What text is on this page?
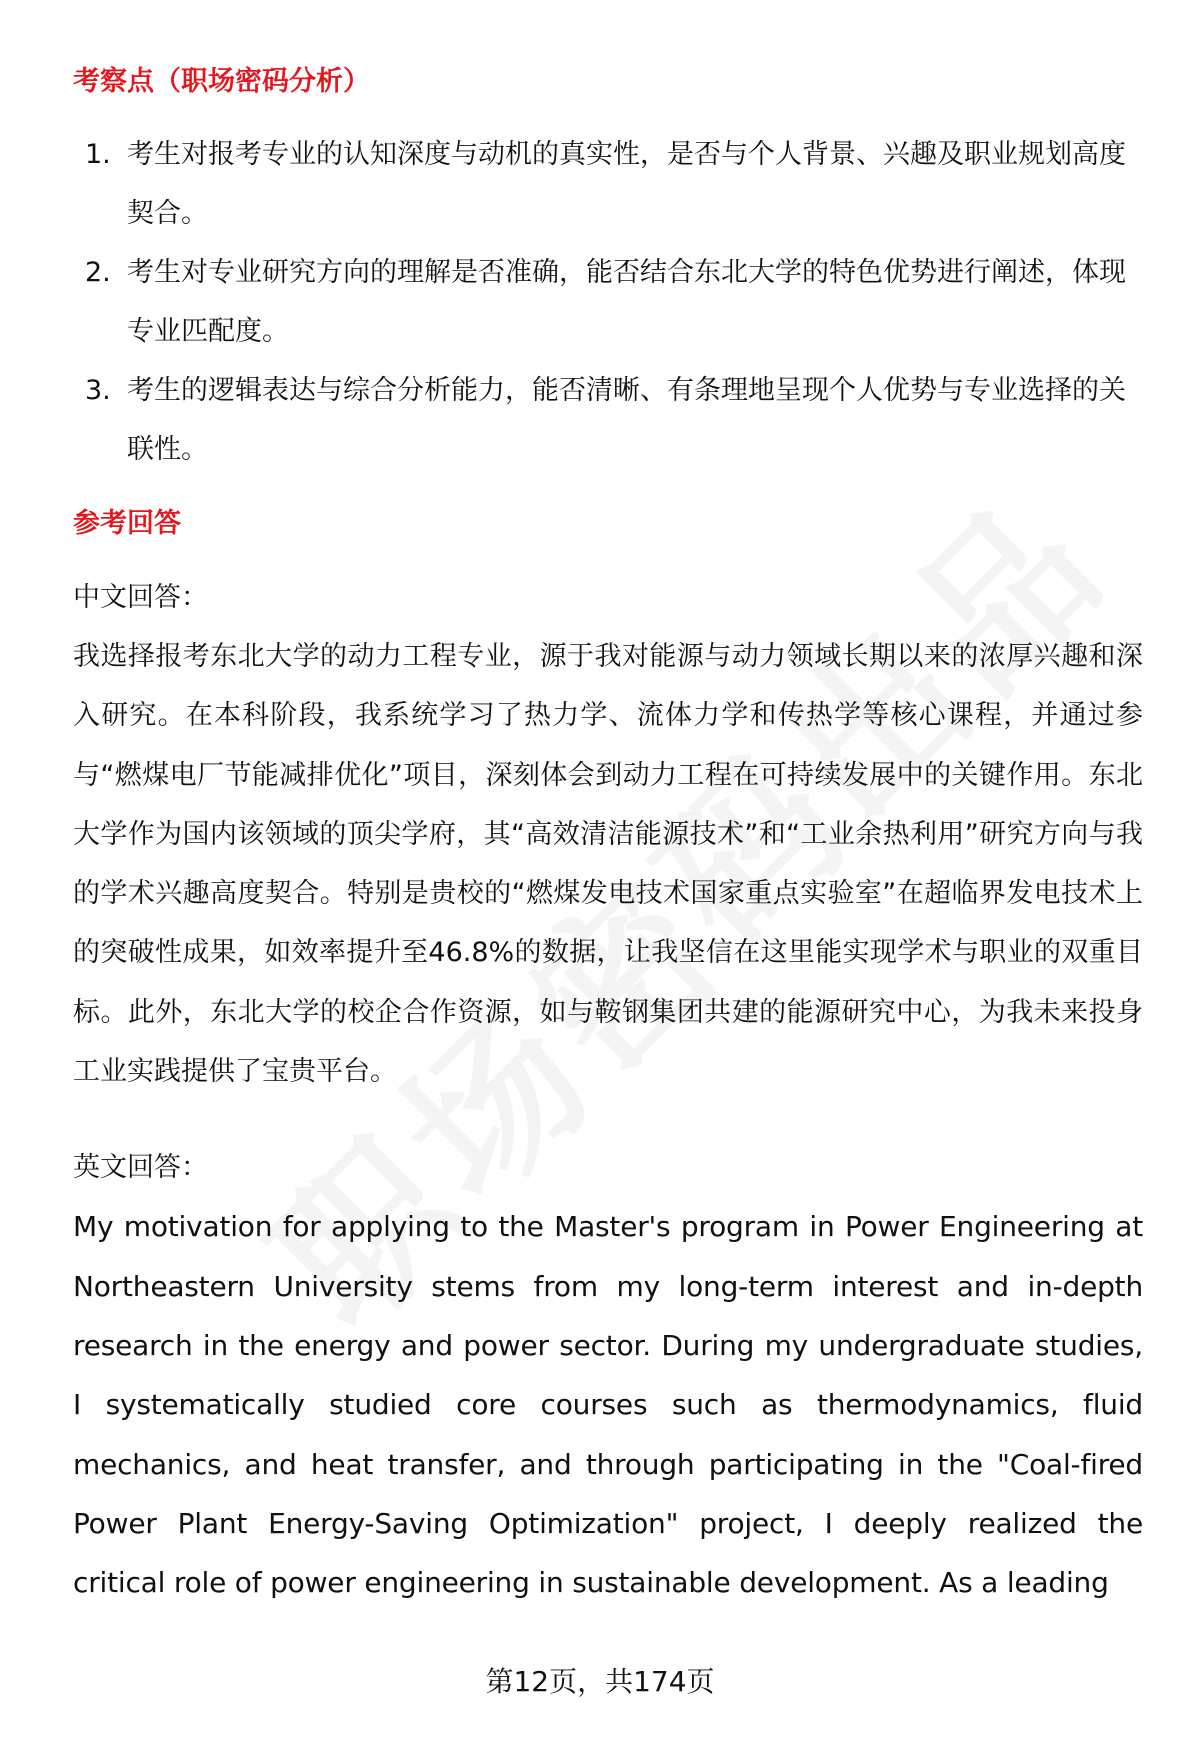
考察点（职场密码分析）
1. 考生对报考专业的认知深度与动机的真实性，是否与个人背景、兴趣及职业规划高度契合。
2. 考生对专业研究方向的理解是否准确，能否结合东北大学的特色优势进行阐述，体现专业匹配度。
3. 考生的逻辑表达与综合分析能力，能否清晰、有条理地呈现个人优势与专业选择的关联性。
参考回答
中文回答：
我选择报考东北大学的动力工程专业，源于我对能源与动力领域长期以来的浓厚兴趣和深入研究。在本科阶段，我系统学习了热力学、流体力学和传热学等核心课程，并通过参与“燃煤电厂节能减排优化”项目，深刻体会到动力工程在可持续发展中的关键作用。东北大学作为国内该领域的顶尖学府，其“高效清洁能源技术”和“工业余热利用”研究方向与我的学术兴趣高度契合。特别是贵校的“燃煤发电技术国家重点实验室”在超临界发电技术上的突破性成果，如效率提升至46.8%的数据，让我坚信在这里能实现学术与职业的双重目标。此外，东北大学的校企合作资源，如与鞍钢集团共建的能源研究中心，为我未来投身工业实践提供了宝贵平台。
英文回答：
My motivation for applying to the Master's program in Power Engineering at Northeastern University stems from my long-term interest and in-depth research in the energy and power sector. During my undergraduate studies, I systematically studied core courses such as thermodynamics, fluid mechanics, and heat transfer, and through participating in the "Coal-fired Power Plant Energy-Saving Optimization" project, I deeply realized the critical role of power engineering in sustainable development. As a leading
第12页，共174页
